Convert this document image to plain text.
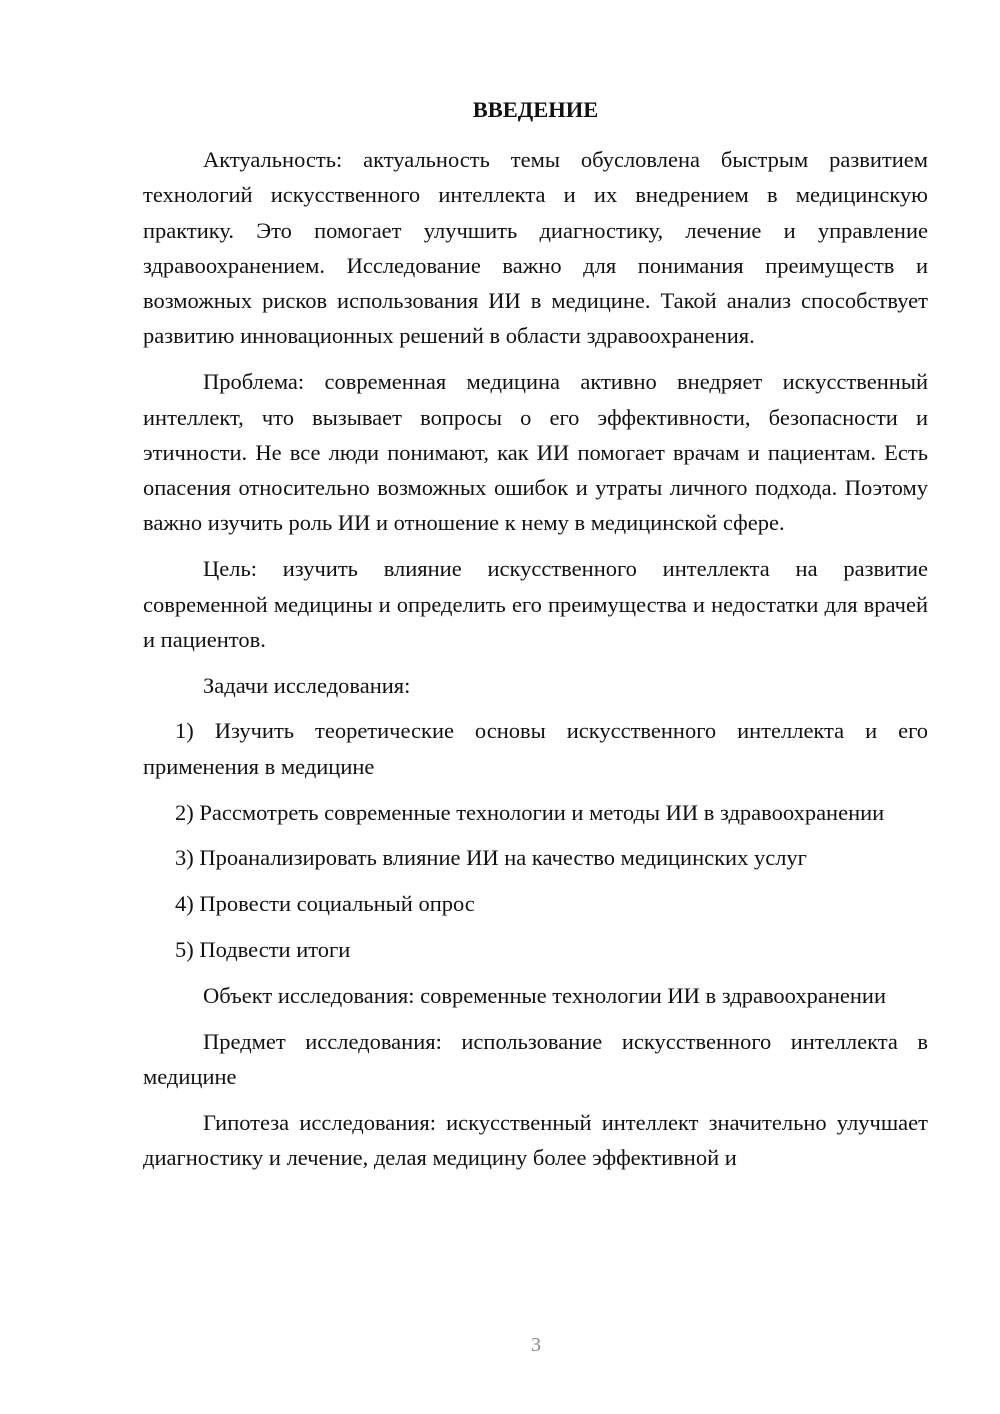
ВВЕДЕНИЕ

Актуальность: актуальность темы обусловлена быстрым развитием технологий искусственного интеллекта и их внедрением в медицинскую практику. Это помогает улучшить диагностику, лечение и управление здравоохранением. Исследование важно для понимания преимуществ и возможных рисков использования ИИ в медицине. Такой анализ способствует развитию инновационных решений в области здравоохранения.

Проблема: современная медицина активно внедряет искусственный интеллект, что вызывает вопросы о его эффективности, безопасности и этичности. Не все люди понимают, как ИИ помогает врачам и пациентам. Есть опасения относительно возможных ошибок и утраты личного подхода. Поэтому важно изучить роль ИИ и отношение к нему в медицинской сфере.

Цель: изучить влияние искусственного интеллекта на развитие современной медицины и определить его преимущества и недостатки для врачей и пациентов.

Задачи исследования:

1) Изучить теоретические основы искусственного интеллекта и его применения в медицине

2) Рассмотреть современные технологии и методы ИИ в здравоохранении

3) Проанализировать влияние ИИ на качество медицинских услуг

4) Провести социальный опрос

5) Подвести итоги

Объект исследования: современные технологии ИИ в здравоохранении

Предмет исследования: использование искусственного интеллекта в медицине

Гипотеза исследования: искусственный интеллект значительно улучшает диагностику и лечение, делая медицину более эффективной и

3
